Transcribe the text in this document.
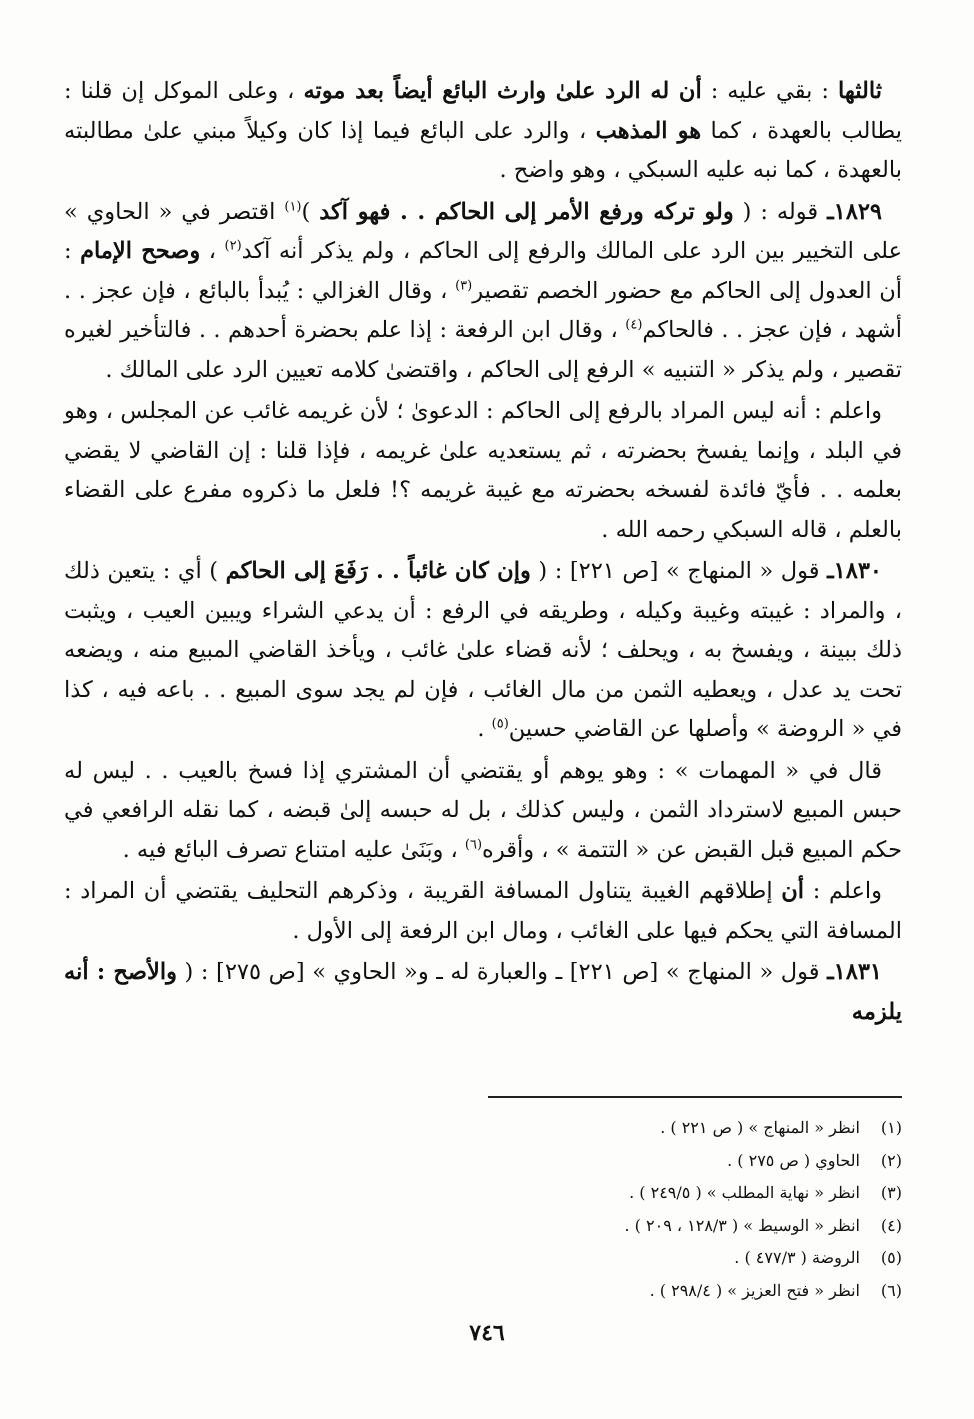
ثالثها : بقي عليه : أن له الرد علىٰ وارث البائع أيضاً بعد موته ، وعلى الموكل إن قلنا : يطالب بالعهدة ، كما هو المذهب ، والرد على البائع فيما إذا كان وكيلاً مبني علىٰ مطالبته بالعهدة ، كما نبه عليه السبكي ، وهو واضح .

١٨٢٩ـ قوله : ( ولو تركه ورفع الأمر إلى الحاكم . . فهو آكد )$^{(١)}$ اقتصر في « الحاوي » على التخيير بين الرد على المالك والرفع إلى الحاكم ، ولم يذكر أنه آكد$^{(٢)}$ ، وصحح الإمام : أن العدول إلى الحاكم مع حضور الخصم تقصير$^{(٣)}$ ، وقال الغزالي : يُبدأ بالبائع ، فإن عجز . . أشهد ، فإن عجز . . فالحاكم$^{(٤)}$ ، وقال ابن الرفعة : إذا علم بحضرة أحدهم . . فالتأخير لغيره تقصير ، ولم يذكر « التنبيه » الرفع إلى الحاكم ، واقتضىٰ كلامه تعيين الرد على المالك .

واعلم : أنه ليس المراد بالرفع إلى الحاكم : الدعوىٰ ؛ لأن غريمه غائب عن المجلس ، وهو في البلد ، وإنما يفسخ بحضرته ، ثم يستعديه علىٰ غريمه ، فإذا قلنا : إن القاضي لا يقضي بعلمه . . فأيّ فائدة لفسخه بحضرته مع غيبة غريمه ؟! فلعل ما ذكروه مفرع على القضاء بالعلم ، قاله السبكي رحمه الله .

١٨٣٠ـ قول « المنهاج » [ص ٢٢١] : ( وإن كان غائباً . . رَفَعَ إلى الحاكم ) أي : يتعين ذلك ، والمراد : غيبته وغيبة وكيله ، وطريقه في الرفع : أن يدعي الشراء ويبين العيب ، ويثبت ذلك ببينة ، ويفسخ به ، ويحلف ؛ لأنه قضاء علىٰ غائب ، ويأخذ القاضي المبيع منه ، ويضعه تحت يد عدل ، ويعطيه الثمن من مال الغائب ، فإن لم يجد سوى المبيع . . باعه فيه ، كذا في « الروضة » وأصلها عن القاضي حسين$^{(٥)}$ .

قال في « المهمات » : وهو يوهم أو يقتضي أن المشتري إذا فسخ بالعيب . . ليس له حبس المبيع لاسترداد الثمن ، وليس كذلك ، بل له حبسه إلىٰ قبضه ، كما نقله الرافعي في حكم المبيع قبل القبض عن « التتمة » ، وأقره$^{(٦)}$ ، وبَنَىٰ عليه امتناع تصرف البائع فيه .

واعلم : أن إطلاقهم الغيبة يتناول المسافة القريبة ، وذكرهم التحليف يقتضي أن المراد : المسافة التي يحكم فيها على الغائب ، ومال ابن الرفعة إلى الأول .

١٨٣١ـ قول « المنهاج » [ص ٢٢١] ـ والعبارة له ـ و« الحاوي » [ص ٢٧٥] : ( والأصح : أنه يلزمه

(١)
انظر « المنهاج » ( ص ٢٢١ ) .
(٢)
الحاوي ( ص ٢٧٥ ) .
(٣)
انظر « نهاية المطلب » ( ٢٤٩/٥ ) .
(٤)
انظر « الوسيط » ( ١٢٨/٣ ، ٢٠٩ ) .
(٥)
الروضة ( ٤٧٧/٣ ) .
(٦)
انظر « فتح العزيز » ( ٢٩٨/٤ ) .
٧٤٦
